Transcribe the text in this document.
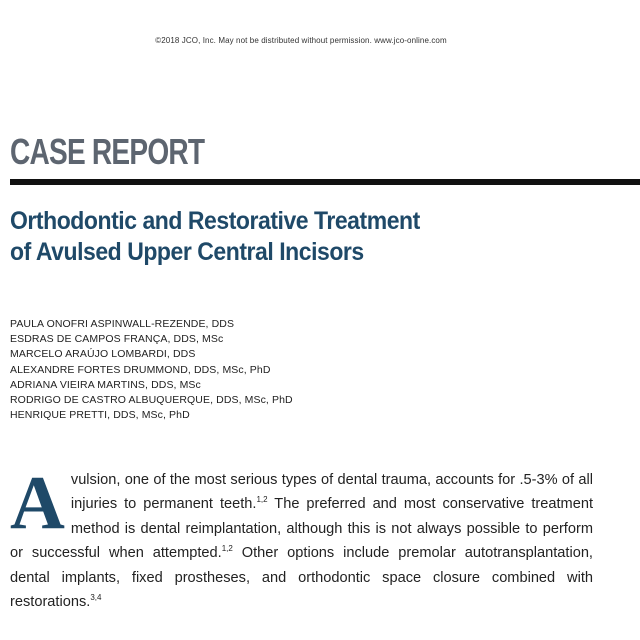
©2018 JCO, Inc. May not be distributed without permission. www.jco-online.com
CASE REPORT
Orthodontic and Restorative Treatment
of Avulsed Upper Central Incisors
PAULA ONOFRI ASPINWALL-REZENDE, DDS
ESDRAS DE CAMPOS FRANÇA, DDS, MSc
MARCELO ARAÚJO LOMBARDI, DDS
ALEXANDRE FORTES DRUMMOND, DDS, MSc, PhD
ADRIANA VIEIRA MARTINS, DDS, MSc
RODRIGO DE CASTRO ALBUQUERQUE, DDS, MSc, PhD
HENRIQUE PRETTI, DDS, MSc, PhD
Avulsion, one of the most serious types of dental trauma, accounts for .5-3% of all injuries to permanent teeth.$^{1,2}$ The preferred and most conservative treatment method is dental reimplantation, although this is not always possible to perform or successful when attempted.$^{1,2}$ Other options include premolar autotransplantation, dental implants, fixed prostheses, and orthodontic space closure combined with restorations.$^{3,4}$
